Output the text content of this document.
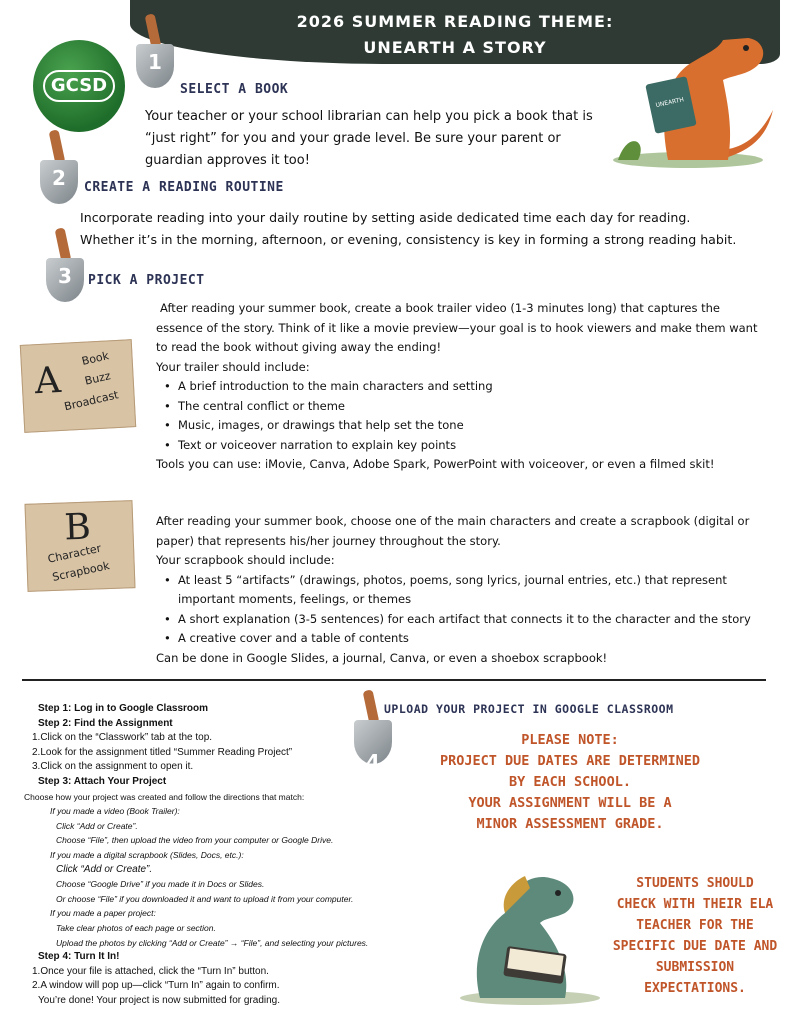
2026 SUMMER READING THEME:
UNEARTH A STORY
GCSD
UNEARTH
1
SELECT A BOOK
Your teacher or your school librarian can help you pick a book that is
“just right” for you and your grade level. Be sure your parent or
guardian approves it too!
2	CREATE A READING ROUTINE
Incorporate reading into your daily routine by setting aside dedicated time each day for reading.
Whether it’s in the morning, afternoon, or evening, consistency is key in forming a strong reading habit.
3	PICK A PROJECT
A
Book
Buzz
Broadcast
After reading your summer book, create a book trailer video (1-3 minutes long) that captures the
essence of the story. Think of it like a movie preview—your goal is to hook viewers and make them want
to read the book without giving away the ending!
Your trailer should include:
• A brief introduction to the main characters and setting
• The central conflict or theme
• Music, images, or drawings that help set the tone
• Text or voiceover narration to explain key points
Tools you can use: iMovie, Canva, Adobe Spark, PowerPoint with voiceover, or even a filmed skit!
B
Character
Scrapbook
After reading your summer book, choose one of the main characters and create a scrapbook (digital or
paper) that represents his/her journey throughout the story.
Your scrapbook should include:
• At least 5 “artifacts” (drawings, photos, poems, song lyrics, journal entries, etc.) that represent
important moments, feelings, or themes
• A short explanation (3-5 sentences) for each artifact that connects it to the character and the story
• A creative cover and a table of contents
Can be done in Google Slides, a journal, Canva, or even a shoebox scrapbook!
Step 1: Log in to Google Classroom
Step 2: Find the Assignment
1.Click on the “Classwork” tab at the top.
2.Look for the assignment titled “Summer Reading Project”
3.Click on the assignment to open it.
Step 3: Attach Your Project
Choose how your project was created and follow the directions that match:
If you made a video (Book Trailer):
Click “Add or Create”.
Choose “File”, then upload the video from your computer or Google Drive.
If you made a digital scrapbook (Slides, Docs, etc.):
Click “Add or Create”.
Choose “Google Drive” if you made it in Docs or Slides.
Or choose “File” if you downloaded it and want to upload it from your computer.
If you made a paper project:
Take clear photos of each page or section.
Upload the photos by clicking “Add or Create” → “File”, and selecting your pictures.
Step 4: Turn It In!
1.Once your file is attached, click the “Turn In” button.
2.A window will pop up—click “Turn In” again to confirm.
You’re done! Your project is now submitted for grading.
4
UPLOAD YOUR PROJECT IN GOOGLE CLASSROOM
PLEASE NOTE:
PROJECT DUE DATES ARE DETERMINED
BY EACH SCHOOL.
YOUR ASSIGNMENT WILL BE A
MINOR ASSESSMENT GRADE.
STUDENTS SHOULD
CHECK WITH THEIR ELA
TEACHER FOR THE
SPECIFIC DUE DATE AND
SUBMISSION
EXPECTATIONS.
